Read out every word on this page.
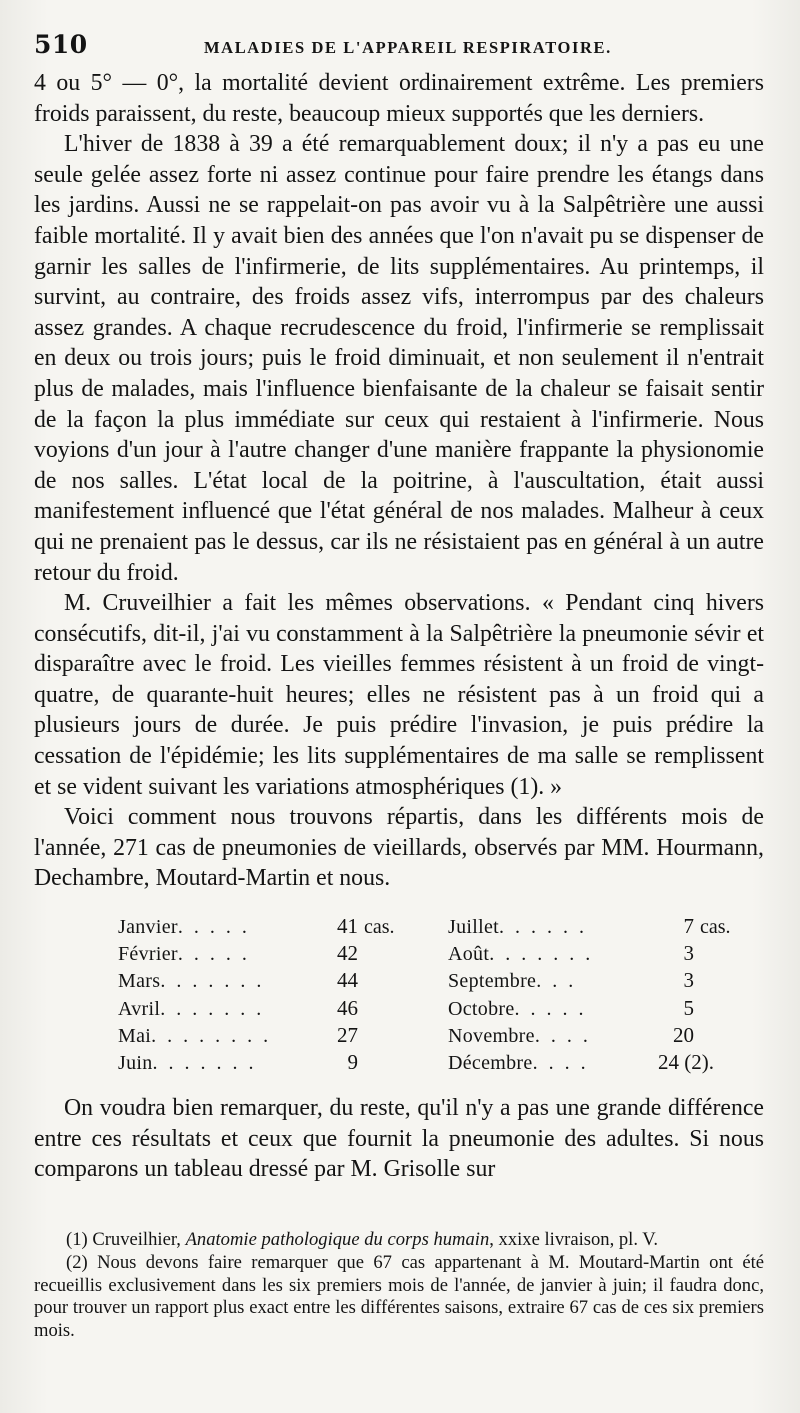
510	MALADIES DE L'APPAREIL RESPIRATOIRE.

4 ou 5° — 0°, la mortalité devient ordinairement extrême. Les premiers froids paraissent, du reste, beaucoup mieux supportés que les derniers.

L'hiver de 1838 à 39 a été remarquablement doux; il n'y a pas eu une seule gelée assez forte ni assez continue pour faire prendre les étangs dans les jardins. Aussi ne se rappelait-on pas avoir vu à la Salpêtrière une aussi faible mortalité. Il y avait bien des années que l'on n'avait pu se dispenser de garnir les salles de l'infirmerie, de lits supplémentaires. Au printemps, il survint, au contraire, des froids assez vifs, interrompus par des chaleurs assez grandes. A chaque recrudescence du froid, l'infirmerie se remplissait en deux ou trois jours; puis le froid diminuait, et non seulement il n'entrait plus de malades, mais l'influence bienfaisante de la chaleur se faisait sentir de la façon la plus immédiate sur ceux qui restaient à l'infirmerie. Nous voyions d'un jour à l'autre changer d'une manière frappante la physionomie de nos salles. L'état local de la poitrine, à l'auscultation, était aussi manifestement influencé que l'état général de nos malades. Malheur à ceux qui ne prenaient pas le dessus, car ils ne résistaient pas en général à un autre retour du froid.

M. Cruveilhier a fait les mêmes observations. « Pendant cinq hivers consécutifs, dit-il, j'ai vu constamment à la Salpêtrière la pneumonie sévir et disparaître avec le froid. Les vieilles femmes résistent à un froid de vingt-quatre, de quarante-huit heures; elles ne résistent pas à un froid qui a plusieurs jours de durée. Je puis prédire l'invasion, je puis prédire la cessation de l'épidémie; les lits supplémentaires de ma salle se remplissent et se vident suivant les variations atmosphériques (1). »

Voici comment nous trouvons répartis, dans les différents mois de l'année, 271 cas de pneumonies de vieillards, observés par MM. Hourmann, Dechambre, Moutard-Martin et nous.

Janvier. . . . .	41 cas.
Février. . . . .	42
Mars. . . . . . .	44
Avril. . . . . . .	46
Mai. . . . . . . .	27
Juin. . . . . . .	9
Juillet. . . . . .	7 cas.
Août. . . . . . .	3
Septembre. . .	3
Octobre. . . . .	5
Novembre. . . .	20
Décembre. . . .	24 (2).

On voudra bien remarquer, du reste, qu'il n'y a pas une grande différence entre ces résultats et ceux que fournit la pneumonie des adultes. Si nous comparons un tableau dressé par M. Grisolle sur

(1) Cruveilhier, Anatomie pathologique du corps humain, xxixe livraison, pl. V.

(2) Nous devons faire remarquer que 67 cas appartenant à M. Moutard-Martin ont été recueillis exclusivement dans les six premiers mois de l'année, de janvier à juin; il faudra donc, pour trouver un rapport plus exact entre les différentes saisons, extraire 67 cas de ces six premiers mois.
